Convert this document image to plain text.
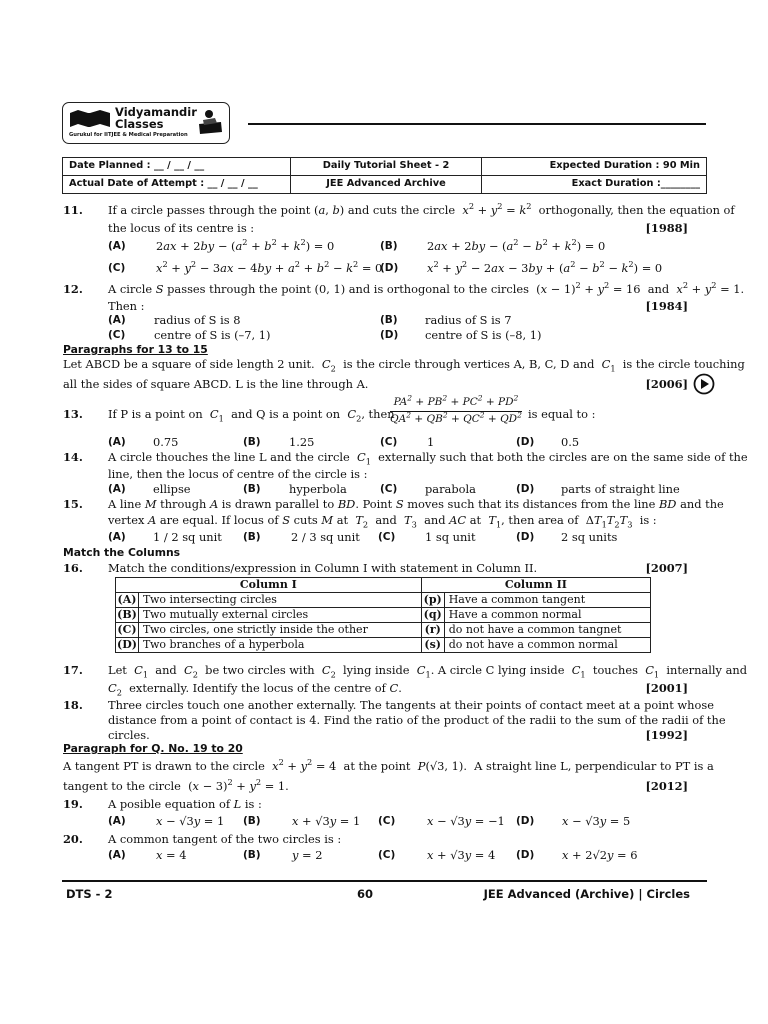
Vidyamandir
Classes
Gurukul for IITJEE & Medical Preparation
Date Planned : __ / __ / __	Daily Tutorial Sheet - 2	Expected Duration : 90 Min
Actual Date of Attempt : __ / __ / __	JEE Advanced Archive	Exact Duration :________
11. If a circle passes through the point (a, b) and cuts the circle  $x^2 + y^2 = k^2$  orthogonally, then the equation of
the locus of its centre is :	[1988]
(A)	$2ax + 2by - (a^2 + b^2 + k^2) = 0$	(B)	$2ax + 2by - (a^2 - b^2 + k^2) = 0$
(C)	$x^2 + y^2 - 3ax - 4by + a^2 + b^2 - k^2 = 0$
(D)	$x^2 + y^2 - 2ax - 3by + (a^2 - b^2 - k^2) = 0$
12. A circle S passes through the point (0, 1) and is orthogonal to the circles  $(x - 1)^2 + y^2 = 16$  and  $x^2 + y^2 = 1$.
Then :	[1984]
(A) radius of S is 8	(B) radius of S is 7
(C)	centre of S is (–7, 1)	(D) centre of S is (–8, 1)
Paragraphs for 13 to 15
Let ABCD be a square of side length 2 unit.  $C_2$  is the circle through vertices A, B, C, D and  $C_1$  is the circle touching
all the sides of square ABCD. L is the line through A.	[2006]
13. If P is a point on  $C_1$  and Q is a point on  $C_2$, then
$\frac{PA^2 + PB^2 + PC^2 + PD^2}{QA^2 + QB^2 + QC^2 + QD^2}$ is equal to :
(A) 0.75	(B) 1.25	(C)	1	(D) 0.5
14. A circle thouches the line L and the circle  $C_1$  externally such that both the circles are on the same side of the
line, then the locus of centre of the circle is :
(A) ellipse	(B) hyperbola	(C) parabola	(D) parts of straight line
15. A line M through A is drawn parallel to BD. Point S moves such that its distances from the line BD and the
vertex A are equal. If locus of S cuts M at  $T_2$  and  $T_3$  and AC at  $T_1$, then area of  $\Delta T_1T_2T_3$  is :
(A) 1 / 2 sq unit (B)	2 / 3 sq unit (C)	1 sq unit	(D) 2 sq units
Match the Columns
16. Match the conditions/expression in Column I with statement in Column II.	[2007]
Column I		Column II	
(A)	Two intersecting circles	(p)	Have a common tangent
(B)	Two mutually external circles	(q)	Have a common normal
(C)	Two circles, one strictly inside the other	(r)	do not have a common tangnet
(D)	Two branches of a hyperbola	(s)	do not have a common normal
17. Let  $C_1$  and  $C_2$  be two circles with  $C_2$  lying inside  $C_1$. A circle C lying inside  $C_1$  touches  $C_1$  internally and
$C_2$  externally. Identify the locus of the centre of C.	[2001]
18. Three circles touch one another externally. The tangents at their points of contact meet at a point whose
distance from a point of contact is 4. Find the ratio of the product of the radii to the sum of the radii of the
circles.	[1992]
Paragraph for Q. No. 19 to 20
A tangent PT is drawn to the circle  $x^2 + y^2 = 4$  at the point  P(√3, 1).  A straight line L, perpendicular to PT is a
tangent to the circle  $(x - 3)^2 + y^2 = 1$.	[2012]
19. A posible equation of L is :
(A)	x − √3y = 1 (B)	x + √3y = 1 (C)	x − √3y = −1 (D) x − √3y = 5
20. A common tangent of the two circles is :
(A)	x = 4	(B)	y = 2	(C)	x + √3y = 4 (D) x + 2√2y = 6
DTS - 2	60	JEE Advanced (Archive) | Circles
